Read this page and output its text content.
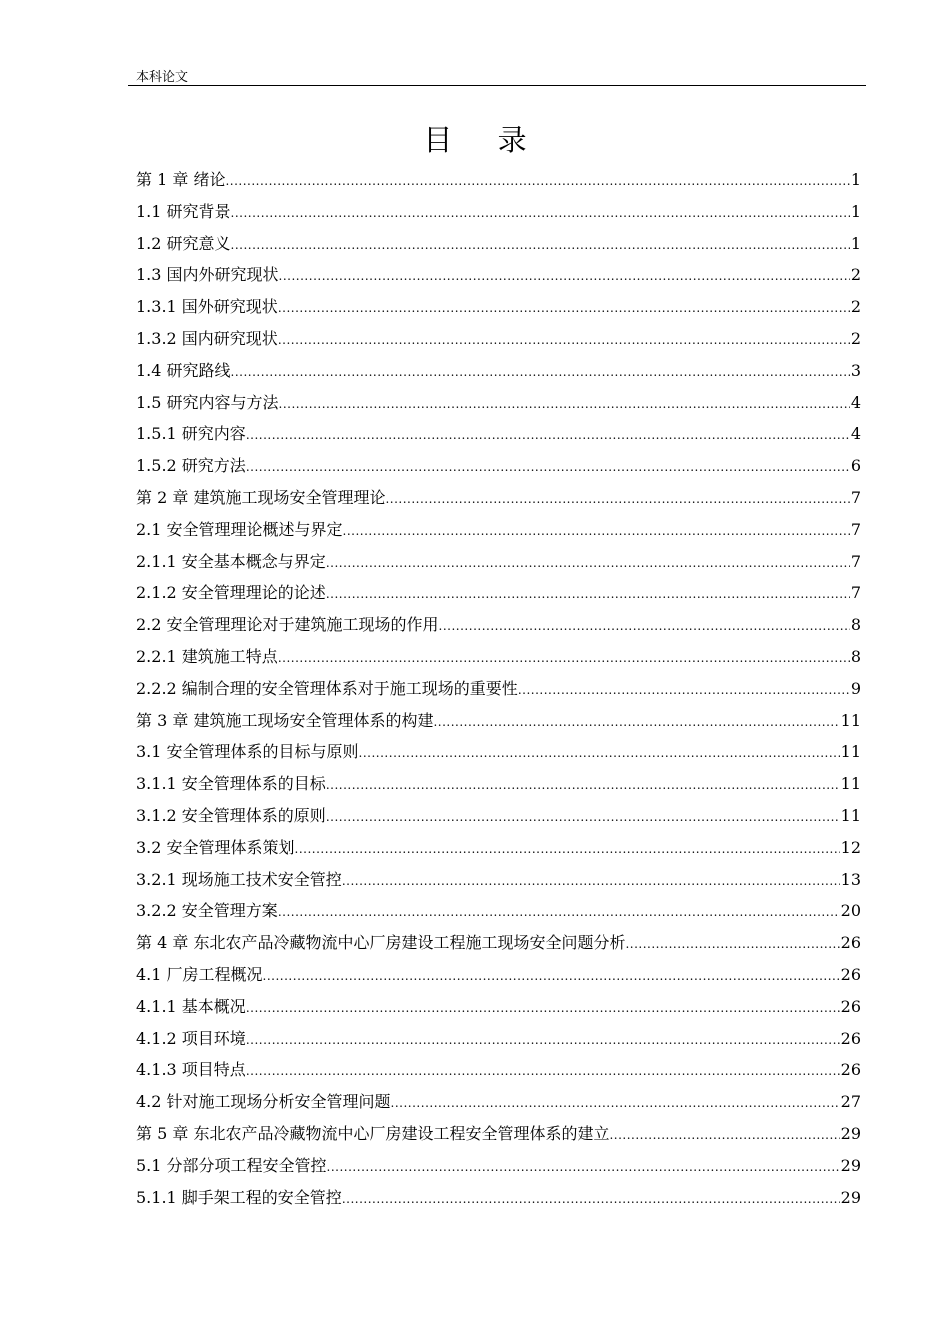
本科论文
目 录
第 1 章 绪论 .....	1
1.1 研究背景 .....	1
1.2 研究意义 .....	1
1.3 国内外研究现状 .....	2
1.3.1 国外研究现状 .....	2
1.3.2 国内研究现状 .....	2
1.4 研究路线 .....	3
1.5 研究内容与方法 .....	4
1.5.1 研究内容 .....	4
1.5.2 研究方法 .....	6
第 2 章 建筑施工现场安全管理理论 .....	7
2.1 安全管理理论概述与界定 .....	7
2.1.1 安全基本概念与界定 .....	7
2.1.2 安全管理理论的论述 .....	7
2.2 安全管理理论对于建筑施工现场的作用 .....	8
2.2.1 建筑施工特点 .....	8
2.2.2 编制合理的安全管理体系对于施工现场的重要性 .....	9
第 3 章 建筑施工现场安全管理体系的构建 .....	11
3.1 安全管理体系的目标与原则 .....	11
3.1.1 安全管理体系的目标 .....	11
3.1.2 安全管理体系的原则 .....	11
3.2 安全管理体系策划 .....	12
3.2.1 现场施工技术安全管控 .....	13
3.2.2 安全管理方案 .....	20
第 4 章 东北农产品冷藏物流中心厂房建设工程施工现场安全问题分析 .....	26
4.1 厂房工程概况 .....	26
4.1.1 基本概况 .....	26
4.1.2 项目环境 .....	26
4.1.3 项目特点 .....	26
4.2 针对施工现场分析安全管理问题 .....	27
第 5 章 东北农产品冷藏物流中心厂房建设工程安全管理体系的建立 .....	29
5.1 分部分项工程安全管控 .....	29
5.1.1 脚手架工程的安全管控 .....	29
